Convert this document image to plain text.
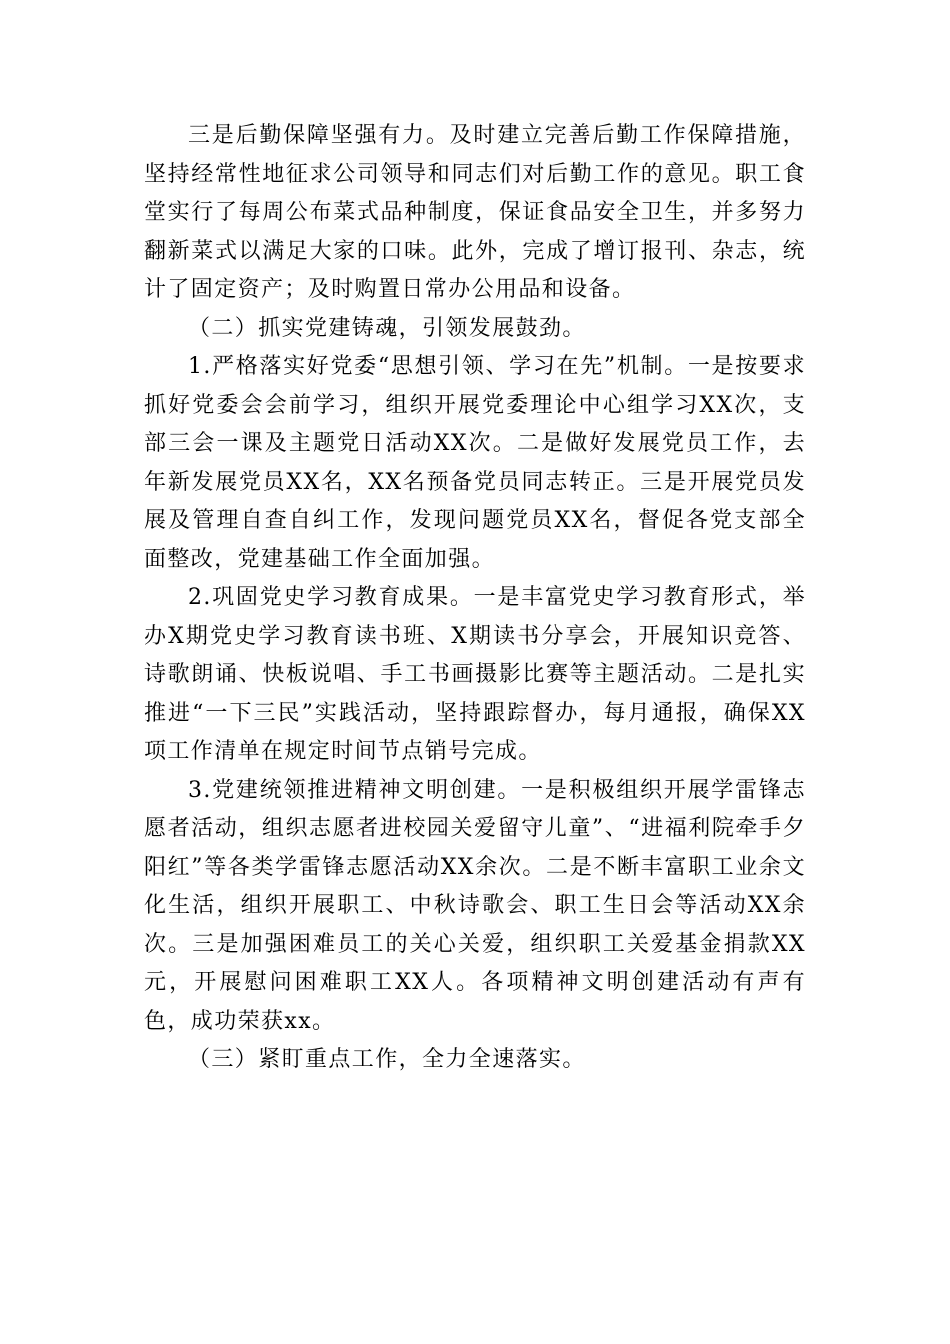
三是后勤保障坚强有力。及时建立完善后勤工作保障措施，坚持经常性地征求公司领导和同志们对后勤工作的意见。职工食堂实行了每周公布菜式品种制度，保证食品安全卫生，并多努力翻新菜式以满足大家的口味。此外，完成了增订报刊、杂志，统计了固定资产；及时购置日常办公用品和设备。

（二）抓实党建铸魂，引领发展鼓劲。

1.严格落实好党委“思想引领、学习在先”机制。一是按要求抓好党委会会前学习，组织开展党委理论中心组学习XX次，支部三会一课及主题党日活动XX次。二是做好发展党员工作，去年新发展党员XX名，XX名预备党员同志转正。三是开展党员发展及管理自查自纠工作，发现问题党员XX名，督促各党支部全面整改，党建基础工作全面加强。

2.巩固党史学习教育成果。一是丰富党史学习教育形式，举办X期党史学习教育读书班、X期读书分享会，开展知识竞答、诗歌朗诵、快板说唱、手工书画摄影比赛等主题活动。二是扎实推进“一下三民”实践活动，坚持跟踪督办，每月通报，确保XX项工作清单在规定时间节点销号完成。

3.党建统领推进精神文明创建。一是积极组织开展学雷锋志愿者活动，组织志愿者进校园关爱留守儿童”、“进福利院牵手夕阳红”等各类学雷锋志愿活动XX余次。二是不断丰富职工业余文化生活，组织开展职工、中秋诗歌会、职工生日会等活动XX余次。三是加强困难员工的关心关爱，组织职工关爱基金捐款XX元，开展慰问困难职工XX人。各项精神文明创建活动有声有色，成功荣获xx。

（三）紧盯重点工作，全力全速落实。
